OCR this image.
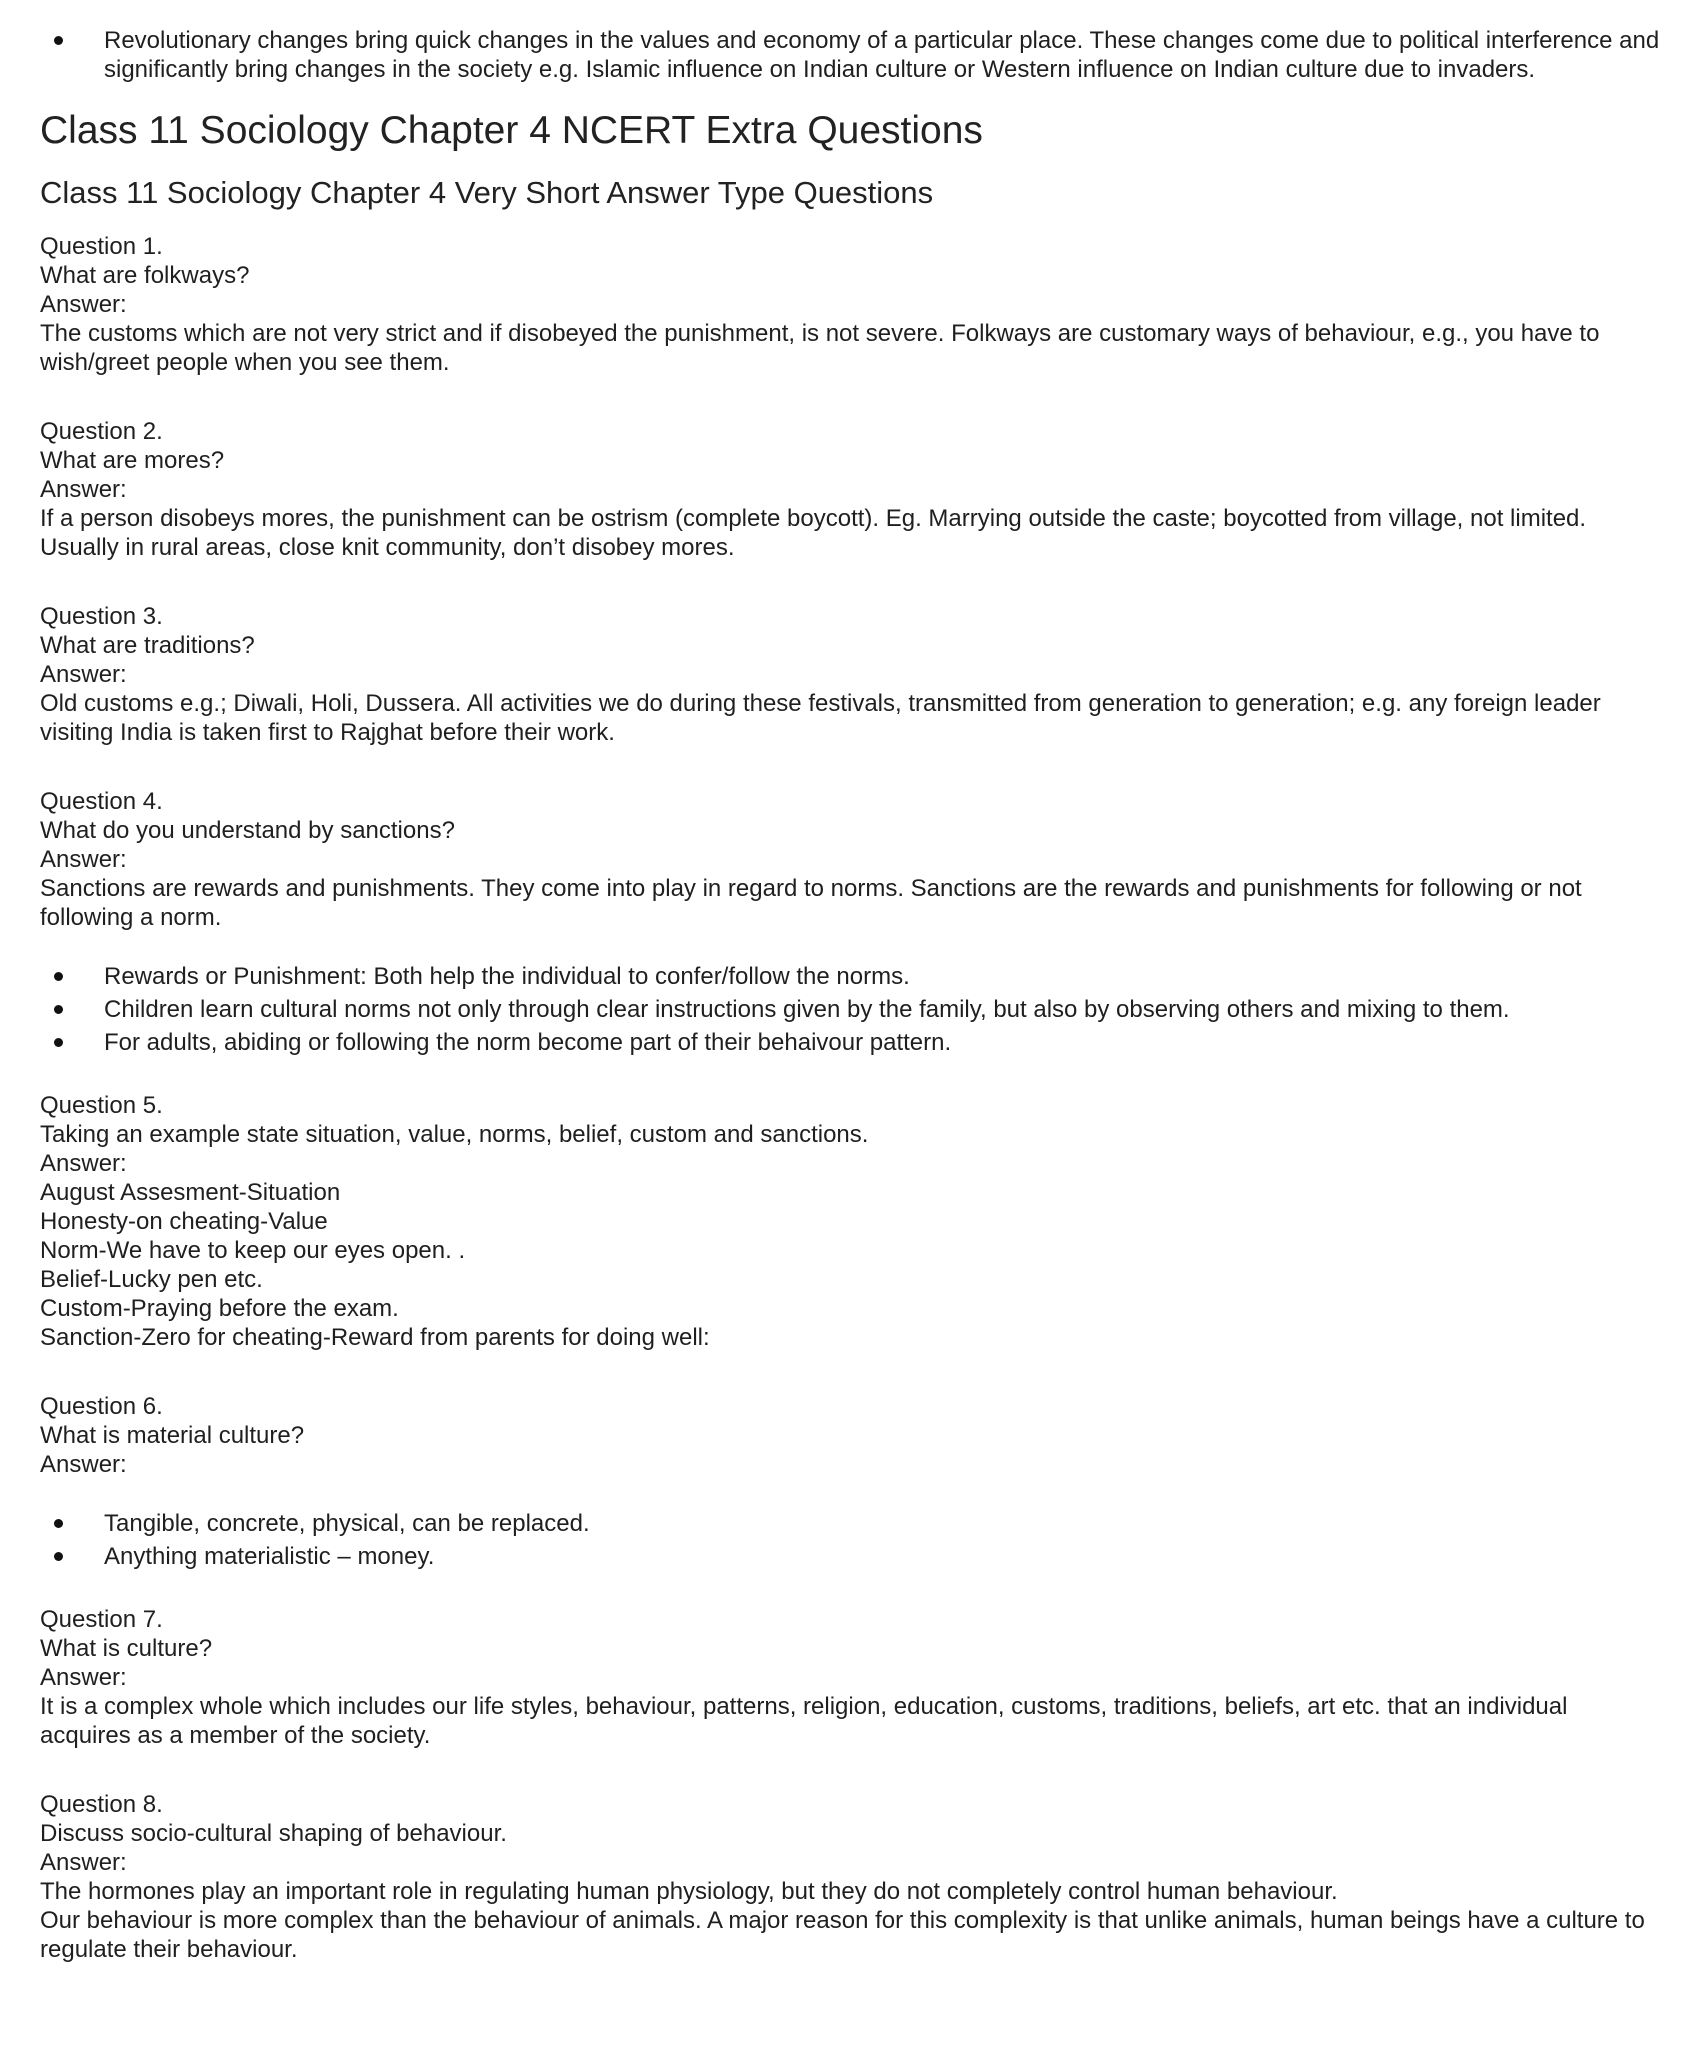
Revolutionary changes bring quick changes in the values and economy of a particular place. These changes come due to political interference and significantly bring changes in the society e.g. Islamic influence on Indian culture or Western influence on Indian culture due to invaders.
Class 11 Sociology Chapter 4 NCERT Extra Questions
Class 11 Sociology Chapter 4 Very Short Answer Type Questions
Question 1.
What are folkways?
Answer:
The customs which are not very strict and if disobeyed the punishment, is not severe. Folkways are customary ways of behaviour, e.g., you have to wish/greet people when you see them.
Question 2.
What are mores?
Answer:
If a person disobeys mores, the punishment can be ostrism (complete boycott). Eg. Marrying outside the caste; boycotted from village, not limited. Usually in rural areas, close knit community, don’t disobey mores.
Question 3.
What are traditions?
Answer:
Old customs e.g.; Diwali, Holi, Dussera. All activities we do during these festivals, transmitted from generation to generation; e.g. any foreign leader visiting India is taken first to Rajghat before their work.
Question 4.
What do you understand by sanctions?
Answer:
Sanctions are rewards and punishments. They come into play in regard to norms. Sanctions are the rewards and punishments for following or not following a norm.
Rewards or Punishment: Both help the individual to confer/follow the norms.
Children learn cultural norms not only through clear instructions given by the family, but also by observing others and mixing to them.
For adults, abiding or following the norm become part of their behaivour pattern.
Question 5.
Taking an example state situation, value, norms, belief, custom and sanctions.
Answer:
August Assesment-Situation
Honesty-on cheating-Value
Norm-We have to keep our eyes open. .
Belief-Lucky pen etc.
Custom-Praying before the exam.
Sanction-Zero for cheating-Reward from parents for doing well:
Question 6.
What is material culture?
Answer:
Tangible, concrete, physical, can be replaced.
Anything materialistic – money.
Question 7.
What is culture?
Answer:
It is a complex whole which includes our life styles, behaviour, patterns, religion, education, customs, traditions, beliefs, art etc. that an individual acquires as a member of the society.
Question 8.
Discuss socio-cultural shaping of behaviour.
Answer:
The hormones play an important role in regulating human physiology, but they do not completely control human behaviour.
Our behaviour is more complex than the behaviour of animals. A major reason for this complexity is that unlike animals, human beings have a culture to regulate their behaviour.
